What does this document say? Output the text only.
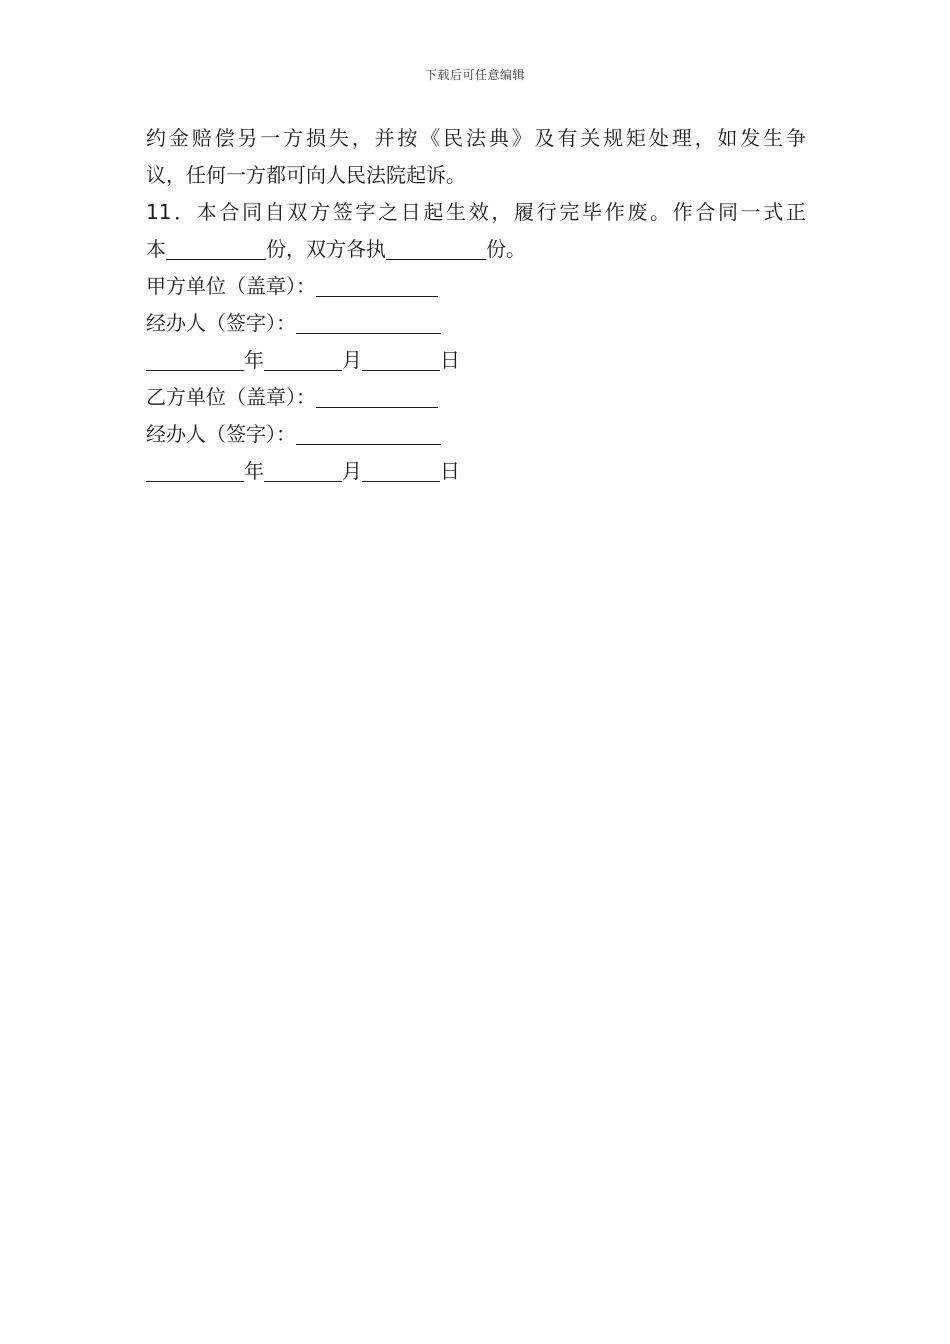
下载后可任意编辑
约金赔偿另一方损失，并按《民法典》及有关规矩处理，如发生争
议，任何一方都可向人民法院起诉。
11．本合同自双方签字之日起生效，履行完毕作废。作合同一式正
本	份，双方各执	份。
甲方单位（盖章）：
经办人（签字）：
年	月	日
乙方单位（盖章）：
经办人（签字）：
年	月	日
